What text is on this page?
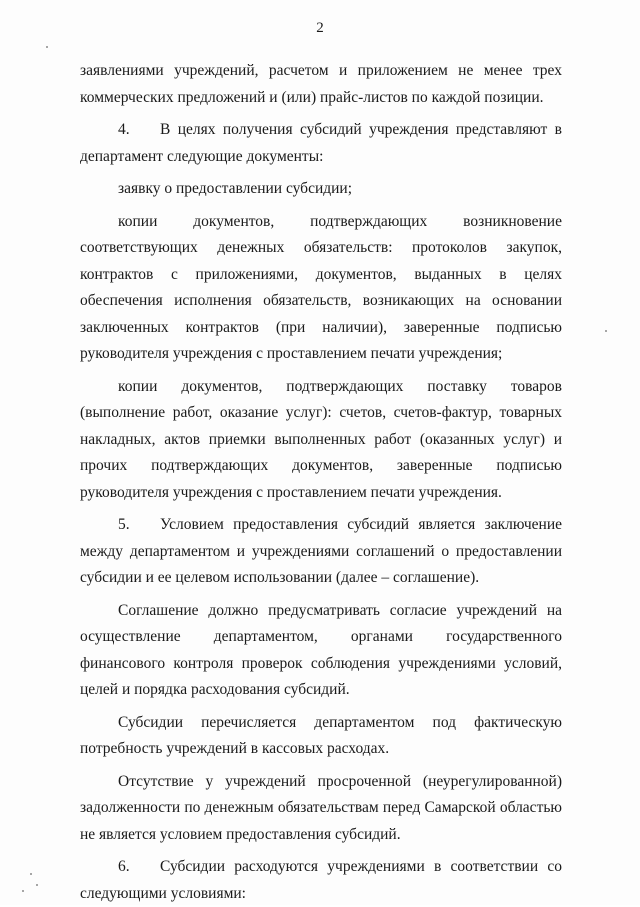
2

заявлениями учреждений, расчетом и приложением не менее трех коммерческих предложений и (или) прайс-листов по каждой позиции.

4. В целях получения субсидий учреждения представляют в департамент следующие документы:

заявку о предоставлении субсидии;

копии документов, подтверждающих возникновение соответствующих денежных обязательств: протоколов закупок, контрактов с приложениями, документов, выданных в целях обеспечения исполнения обязательств, возникающих на основании заключенных контрактов (при наличии), заверенные подписью руководителя учреждения с проставлением печати учреждения;

копии документов, подтверждающих поставку товаров (выполнение работ, оказание услуг): счетов, счетов-фактур, товарных накладных, актов приемки выполненных работ (оказанных услуг) и прочих подтверждающих документов, заверенные подписью руководителя учреждения с проставлением печати учреждения.

5. Условием предоставления субсидий является заключение между департаментом и учреждениями соглашений о предоставлении субсидии и ее целевом использовании (далее – соглашение).

Соглашение должно предусматривать согласие учреждений на осуществление департаментом, органами государственного финансового контроля проверок соблюдения учреждениями условий, целей и порядка расходования субсидий.

Субсидии перечисляется департаментом под фактическую потребность учреждений в кассовых расходах.

Отсутствие у учреждений просроченной (неурегулированной) задолженности по денежным обязательствам перед Самарской областью не является условием предоставления субсидий.

6. Субсидии расходуются учреждениями в соответствии со следующими условиями:
